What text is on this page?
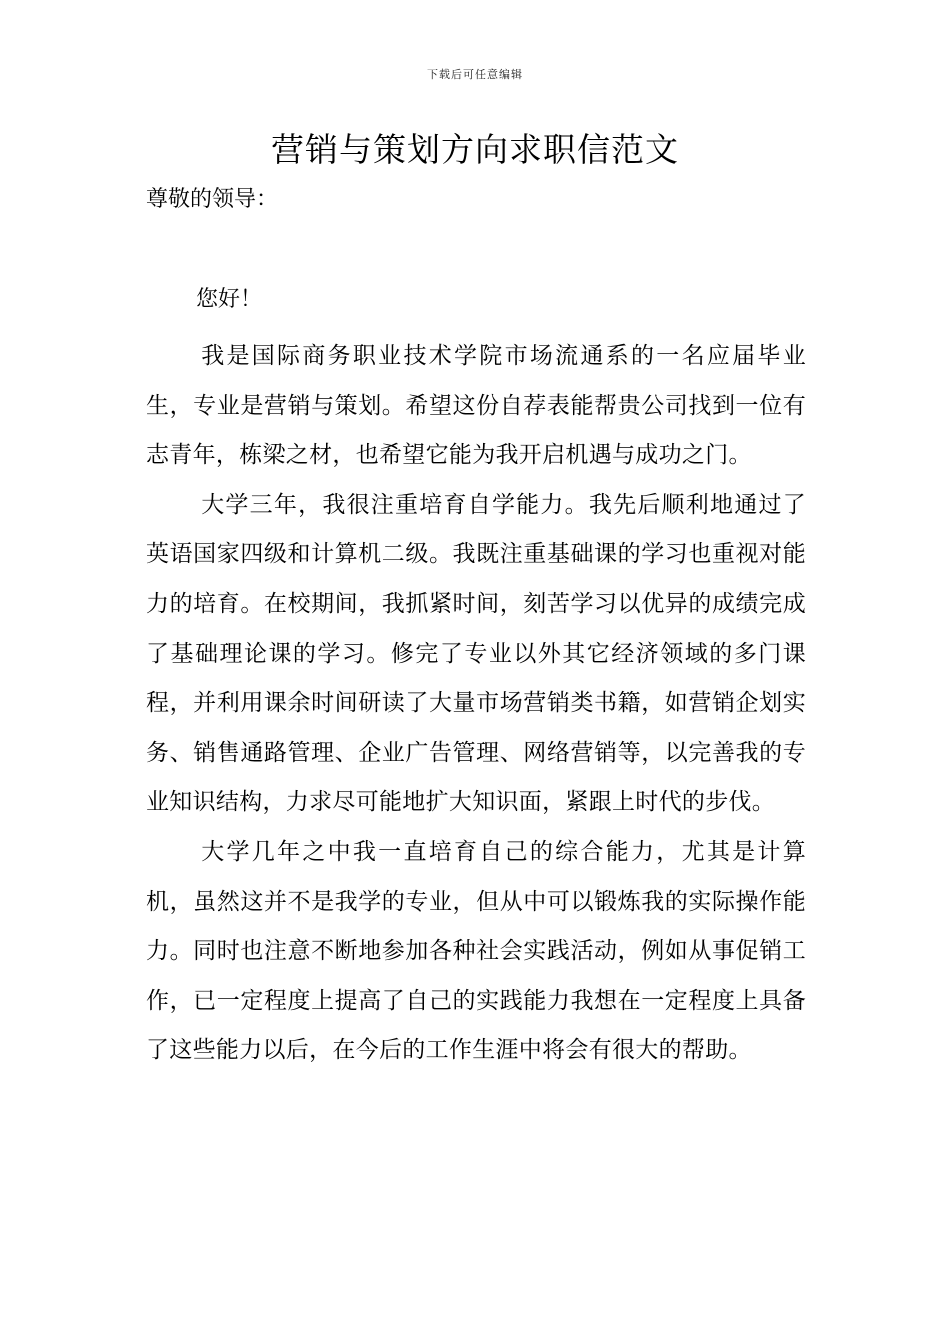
下载后可任意编辑
营销与策划方向求职信范文
尊敬的领导：
您好！

我是国际商务职业技术学院市场流通系的一名应届毕业生，专业是营销与策划。希望这份自荐表能帮贵公司找到一位有志青年，栋梁之材，也希望它能为我开启机遇与成功之门。

大学三年，我很注重培育自学能力。我先后顺利地通过了英语国家四级和计算机二级。我既注重基础课的学习也重视对能力的培育。在校期间，我抓紧时间，刻苦学习以优异的成绩完成了基础理论课的学习。修完了专业以外其它经济领域的多门课程，并利用课余时间研读了大量市场营销类书籍，如营销企划实务、销售通路管理、企业广告管理、网络营销等，以完善我的专业知识结构，力求尽可能地扩大知识面，紧跟上时代的步伐。

大学几年之中我一直培育自己的综合能力，尤其是计算机，虽然这并不是我学的专业，但从中可以锻炼我的实际操作能力。同时也注意不断地参加各种社会实践活动，例如从事促销工作，已一定程度上提高了自己的实践能力我想在一定程度上具备了这些能力以后，在今后的工作生涯中将会有很大的帮助。
